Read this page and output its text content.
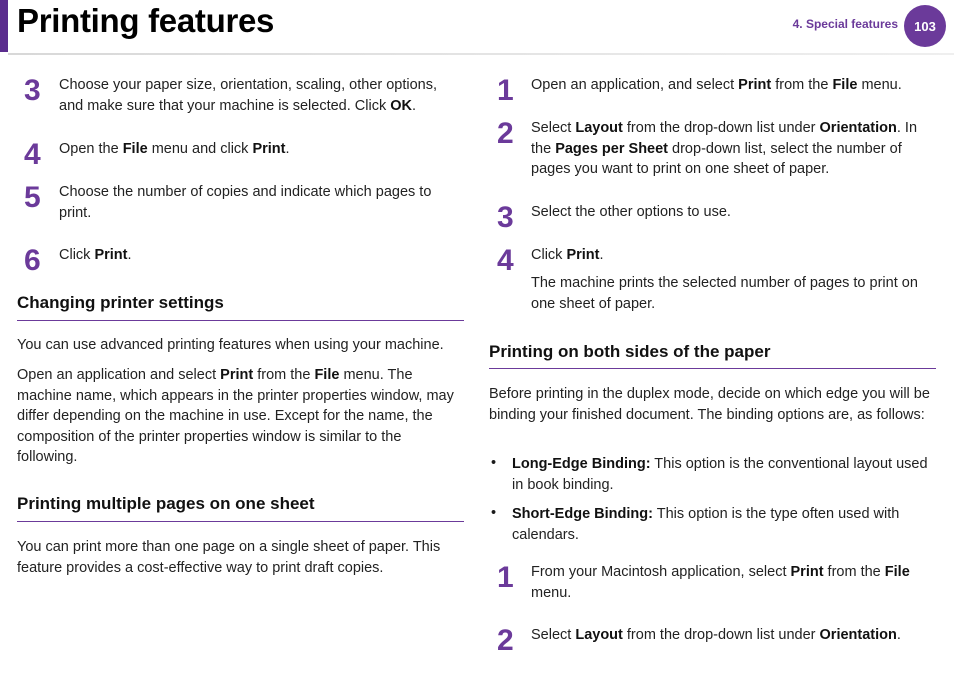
Printing features	4. Special features	103
3 Choose your paper size, orientation, scaling, other options, and make sure that your machine is selected. Click OK.
4 Open the File menu and click Print.
5 Choose the number of copies and indicate which pages to print.
6 Click Print.
Changing printer settings
You can use advanced printing features when using your machine.
Open an application and select Print from the File menu. The machine name, which appears in the printer properties window, may differ depending on the machine in use. Except for the name, the composition of the printer properties window is similar to the following.
Printing multiple pages on one sheet
You can print more than one page on a single sheet of paper. This feature provides a cost-effective way to print draft copies.
1 Open an application, and select Print from the File menu.
2 Select Layout from the drop-down list under Orientation. In the Pages per Sheet drop-down list, select the number of pages you want to print on one sheet of paper.
3 Select the other options to use.
4 Click Print.
The machine prints the selected number of pages to print on one sheet of paper.
Printing on both sides of the paper
Before printing in the duplex mode, decide on which edge you will be binding your finished document. The binding options are, as follows:
• Long-Edge Binding: This option is the conventional layout used in book binding.
• Short-Edge Binding: This option is the type often used with calendars.
1 From your Macintosh application, select Print from the File menu.
2 Select Layout from the drop-down list under Orientation.
